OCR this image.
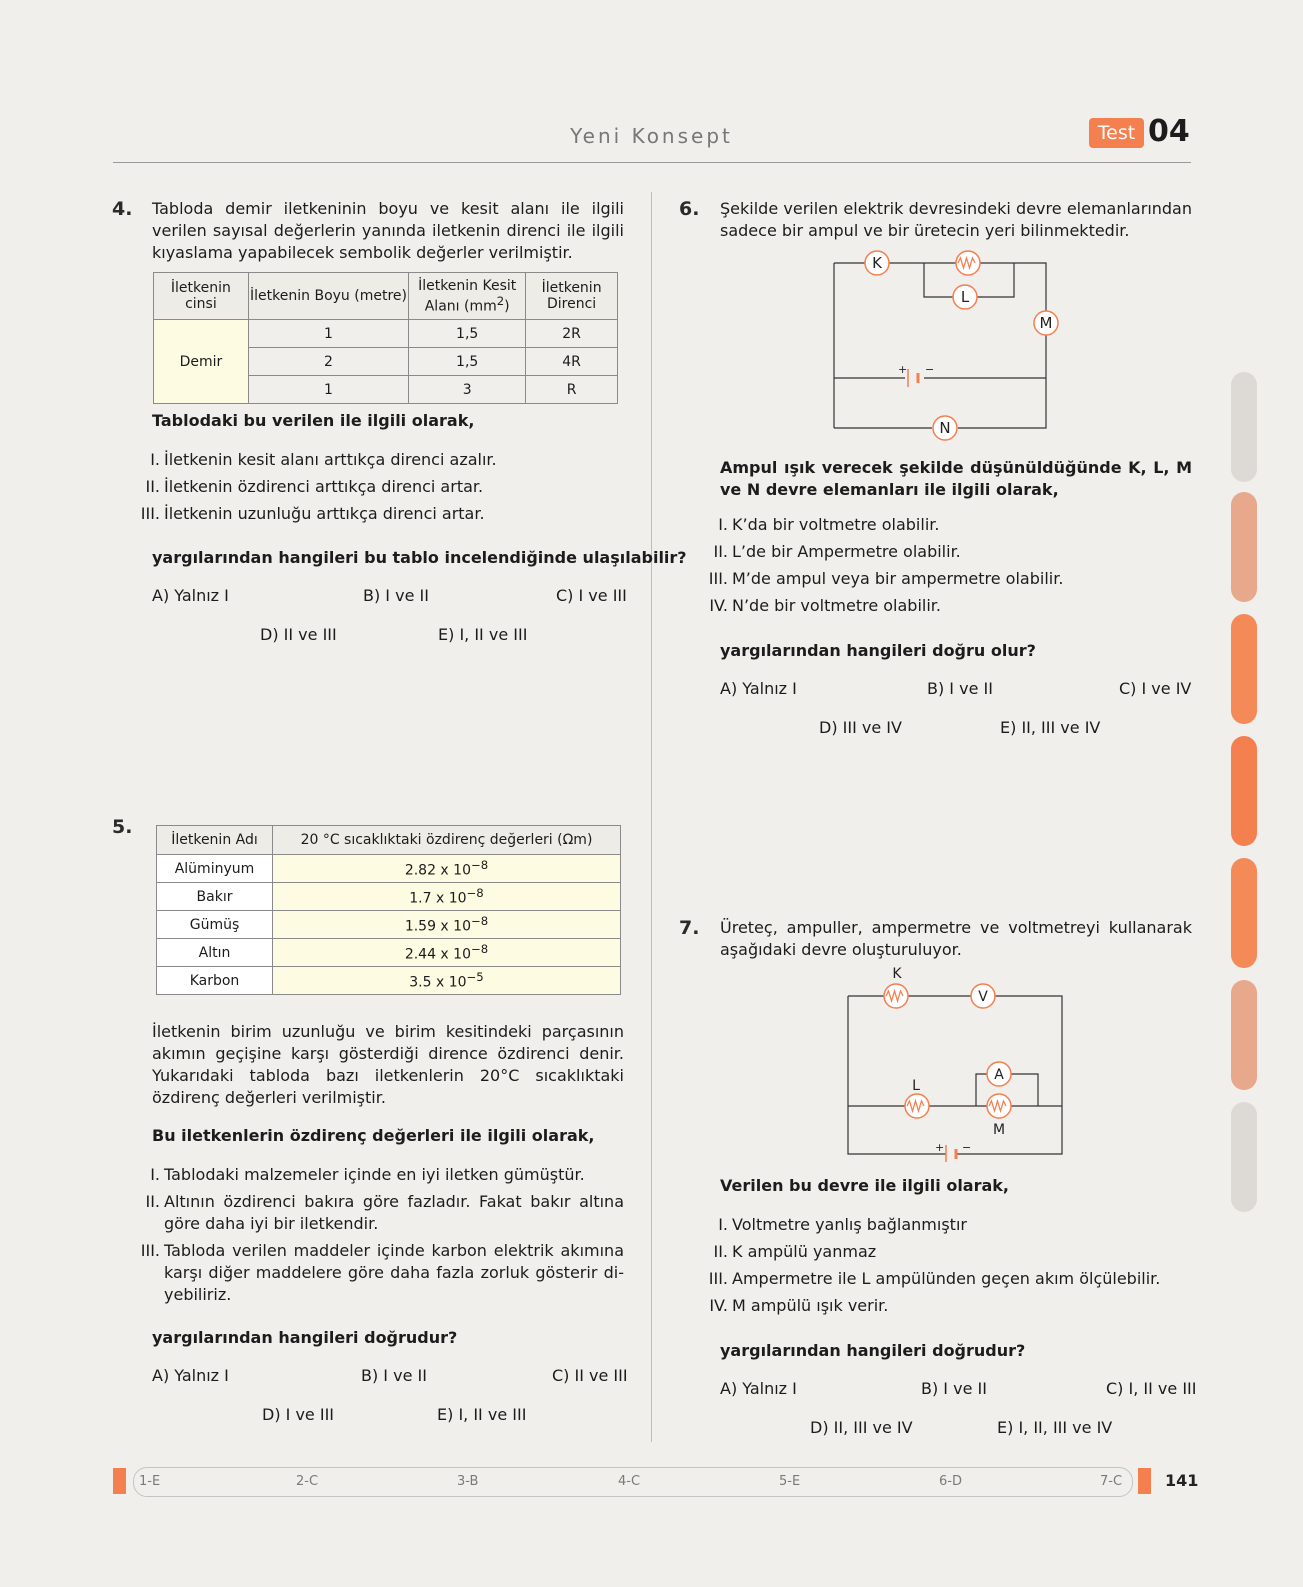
Yeni Konsept	Test 04
4. Tabloda demir iletkeninin boyu ve kesit alanı ile ilgili verilen sayısal değerlerin yanında iletkenin direnci ile ilgili kıyaslama yapabilecek sembolik değerler verilmiştir.
İletkenin cinsi	İletkenin Boyu (metre)	İletkenin Kesit Alanı $(mm^2)$	İletkenin Direnci
Demir	1	1,5	2R
	2	1,5	4R
	1	3	R
Tablodaki bu verilen ile ilgili olarak,
I. İletkenin kesit alanı arttıkça direnci azalır.
II. İletkenin özdirenci arttıkça direnci artar.
III. İletkenin uzunluğu arttıkça direnci artar.
yargılarından hangileri bu tablo incelendiğinde ulaşılabilir?
A) Yalnız I	B) I ve II	C) I ve III
D) II ve III	E) I, II ve III
5.
İletkenin Adı	20 °C sıcaklıktaki özdirenç değerleri (Ωm)
Alüminyum	2.82 x $10^{-8}$
Bakır	1.7 x $10^{-8}$
Gümüş	1.59 x $10^{-8}$
Altın	2.44 x $10^{-8}$
Karbon	3.5 x $10^{-5}$
İletkenin birim uzunluğu ve birim kesitindeki parçasının akımın geçişine karşı gösterdiği dirence özdirenci denir. Yukarıdaki tabloda bazı iletkenlerin 20°C sıcaklıktaki özdirenç değerleri verilmiştir.
Bu iletkenlerin özdirenç değerleri ile ilgili olarak,
I. Tablodaki malzemeler içinde en iyi iletken gümüştür.
II. Altının özdirenci bakıra göre fazladır. Fakat bakır altına göre daha iyi bir iletkendir.
III. Tabloda verilen maddeler içinde karbon elektrik akımına karşı diğer maddelere göre daha fazla zorluk gösterir di-yebiliriz.
yargılarından hangileri doğrudur?
A) Yalnız I	B) I ve II	C) II ve III
D) I ve III	E) I, II ve III
6. Şekilde verilen elektrik devresindeki devre elemanlarından sadece bir ampul ve bir üretecin yeri bilinmektedir.
K
L
M
+ −
N
Ampul ışık verecek şekilde düşünüldüğünde K, L, M ve N devre elemanları ile ilgili olarak,
I. K’da bir voltmetre olabilir.
II. L’de bir Ampermetre olabilir.
III. M’de ampul veya bir ampermetre olabilir.
IV. N’de bir voltmetre olabilir.
yargılarından hangileri doğru olur?
A) Yalnız I	B) I ve II	C) I ve IV
D) III ve IV	E) II, III ve IV
7. Üreteç, ampuller, ampermetre ve voltmetreyi kullanarak aşağıdaki devre oluşturuluyor.
K
V
L
A
M
+ −
Verilen bu devre ile ilgili olarak,
I. Voltmetre yanlış bağlanmıştır
II. K ampülü yanmaz
III. Ampermetre ile L ampülünden geçen akım ölçülebilir.
IV. M ampülü ışık verir.
yargılarından hangileri doğrudur?
A) Yalnız I	B) I ve II	C) I, II ve III
D) II, III ve IV	E) I, II, III ve IV
1-E	2-C	3-B	4-C	5-E	6-D	7-C	141
